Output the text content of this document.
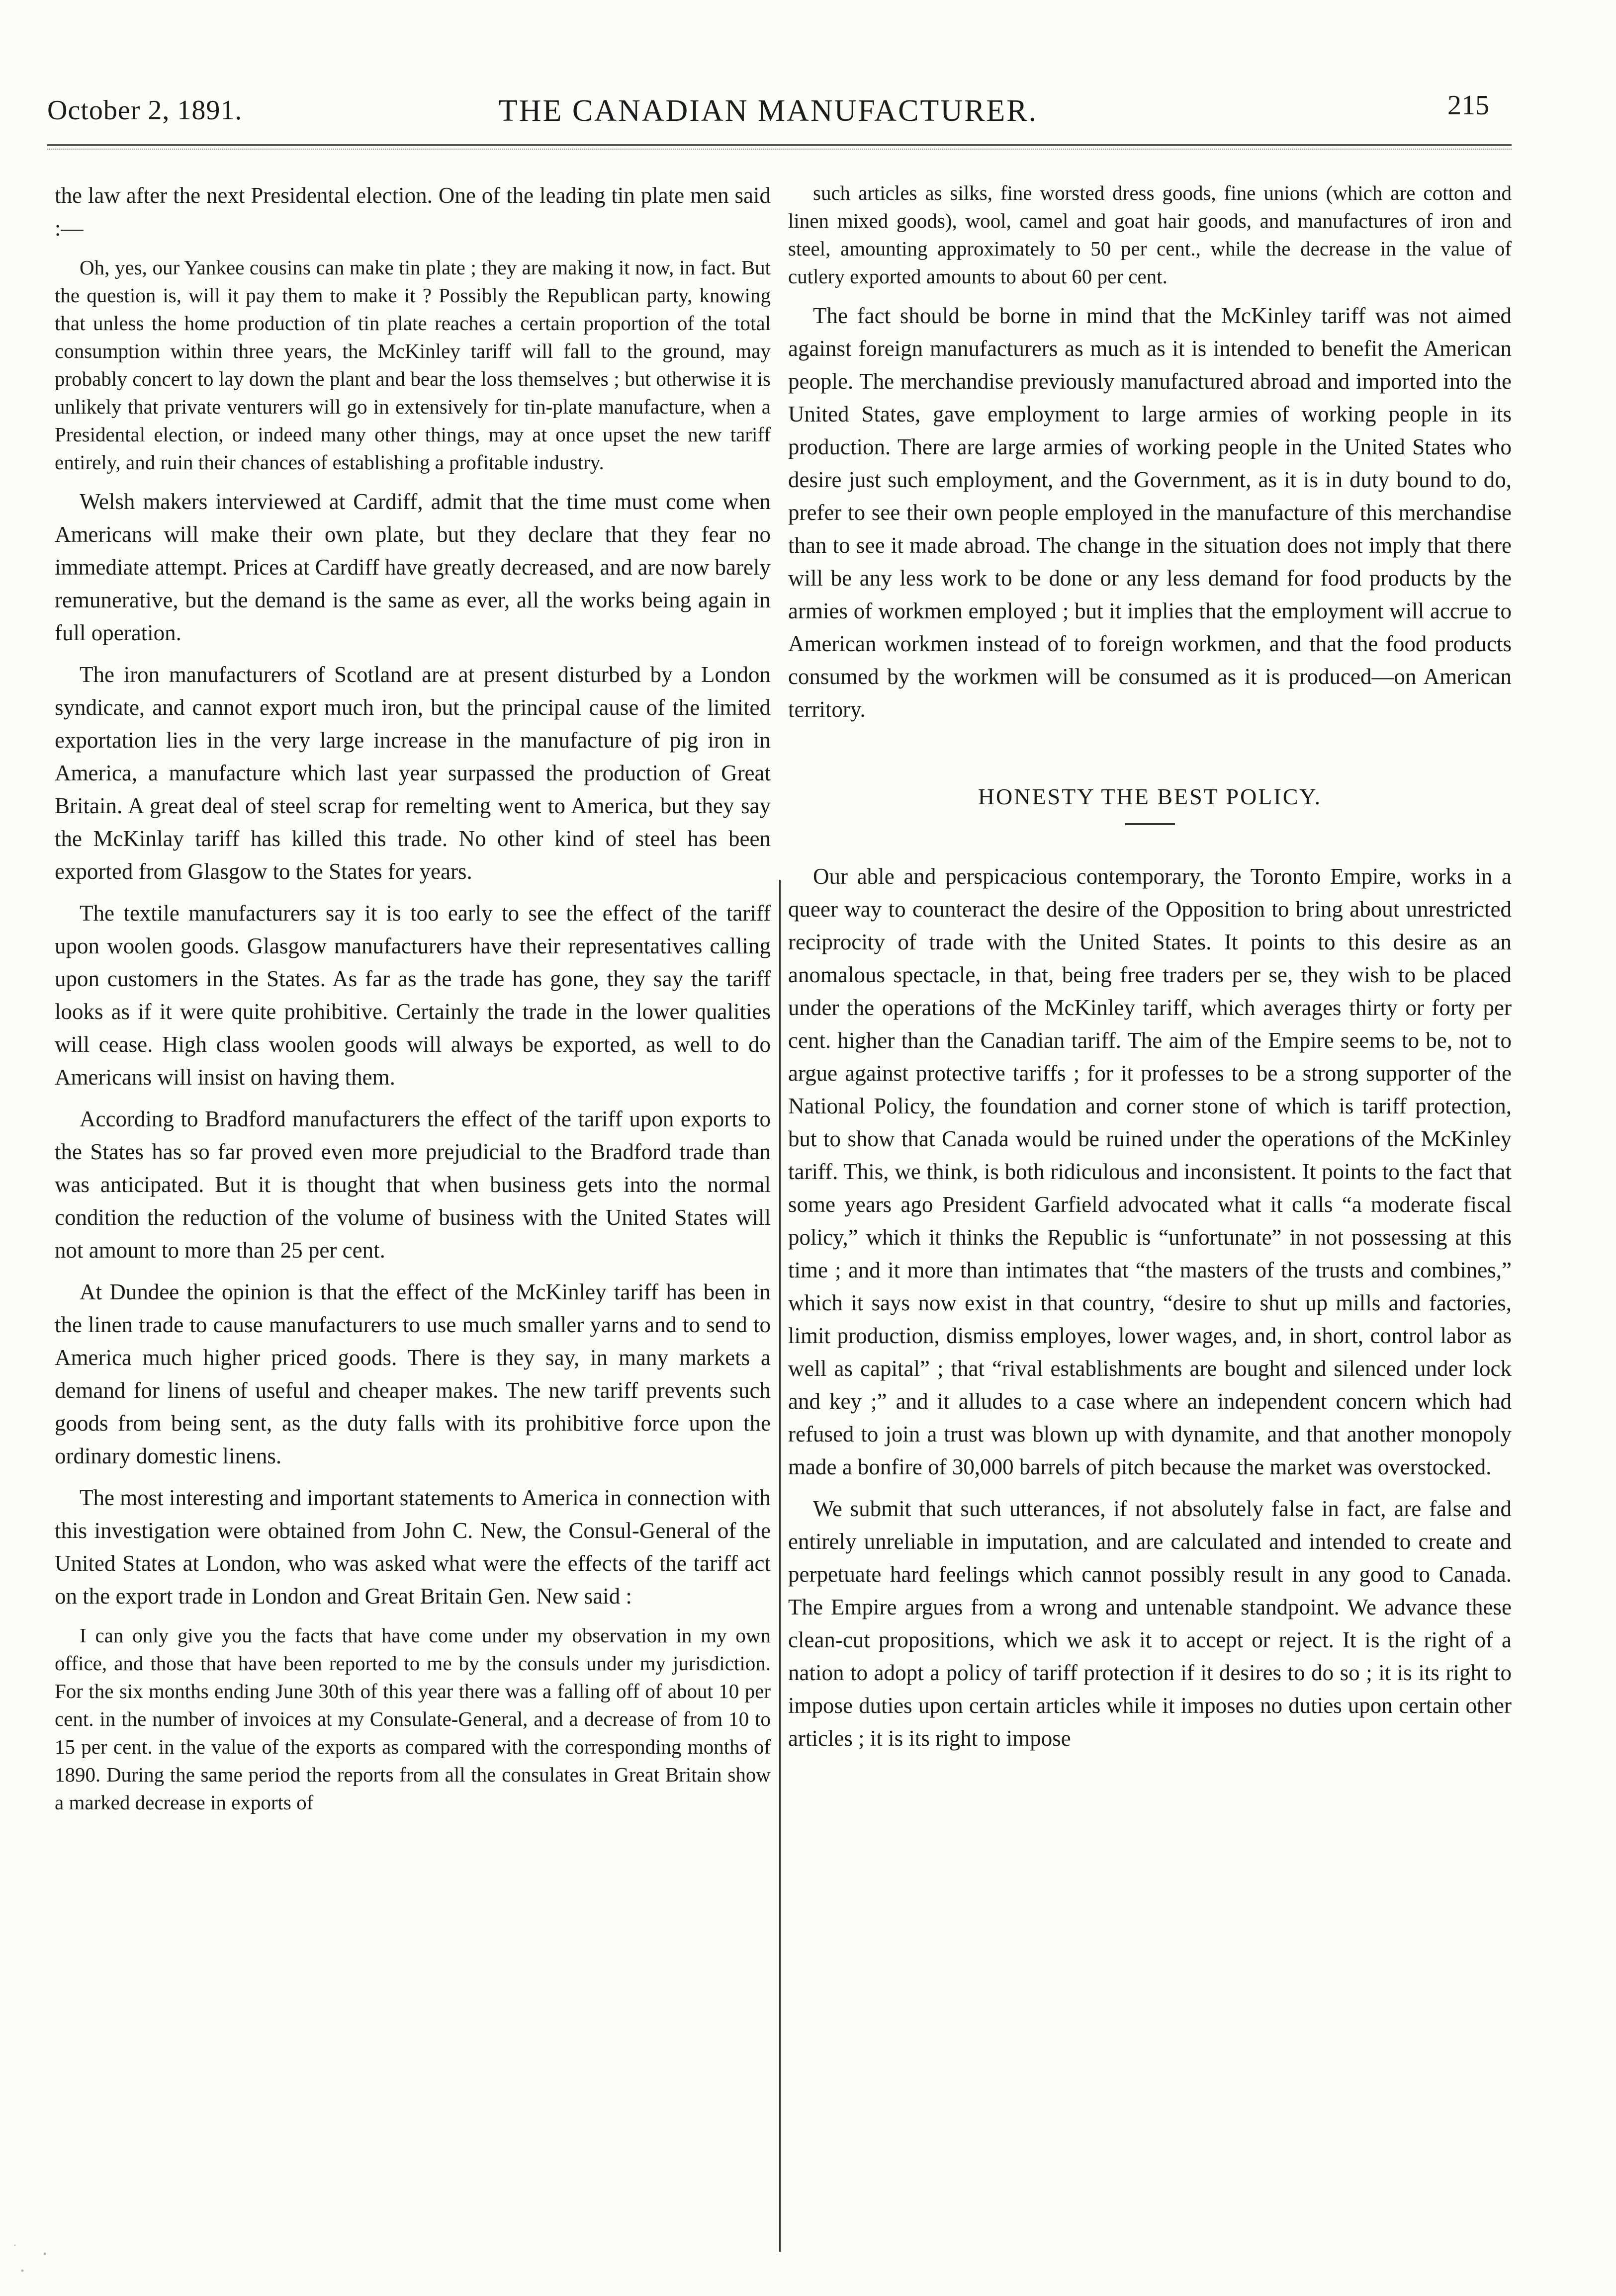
October 2, 1891.	THE CANADIAN MANUFACTURER.	215

the law after the next Presidental election. One of the leading tin plate men said :—

Oh, yes, our Yankee cousins can make tin plate ; they are making it now, in fact. But the question is, will it pay them to make it ? Possibly the Republican party, knowing that unless the home production of tin plate reaches a certain proportion of the total consumption within three years, the McKinley tariff will fall to the ground, may probably concert to lay down the plant and bear the loss themselves ; but otherwise it is unlikely that private venturers will go in extensively for tin-plate manufacture, when a Presidental election, or indeed many other things, may at once upset the new tariff entirely, and ruin their chances of establishing a profitable industry.

Welsh makers interviewed at Cardiff, admit that the time must come when Americans will make their own plate, but they declare that they fear no immediate attempt. Prices at Cardiff have greatly decreased, and are now barely remunerative, but the demand is the same as ever, all the works being again in full operation.

The iron manufacturers of Scotland are at present disturbed by a London syndicate, and cannot export much iron, but the principal cause of the limited exportation lies in the very large increase in the manufacture of pig iron in America, a manufacture which last year surpassed the production of Great Britain. A great deal of steel scrap for remelting went to America, but they say the McKinlay tariff has killed this trade. No other kind of steel has been exported from Glasgow to the States for years.

The textile manufacturers say it is too early to see the effect of the tariff upon woolen goods. Glasgow manufacturers have their representatives calling upon customers in the States. As far as the trade has gone, they say the tariff looks as if it were quite prohibitive. Certainly the trade in the lower qualities will cease. High class woolen goods will always be exported, as well to do Americans will insist on having them.

According to Bradford manufacturers the effect of the tariff upon exports to the States has so far proved even more prejudicial to the Bradford trade than was anticipated. But it is thought that when business gets into the normal condition the reduction of the volume of business with the United States will not amount to more than 25 per cent.

At Dundee the opinion is that the effect of the McKinley tariff has been in the linen trade to cause manufacturers to use much smaller yarns and to send to America much higher priced goods. There is they say, in many markets a demand for linens of useful and cheaper makes. The new tariff prevents such goods from being sent, as the duty falls with its prohibitive force upon the ordinary domestic linens.

The most interesting and important statements to America in connection with this investigation were obtained from John C. New, the Consul-General of the United States at London, who was asked what were the effects of the tariff act on the export trade in London and Great Britain Gen. New said :

I can only give you the facts that have come under my observation in my own office, and those that have been reported to me by the consuls under my jurisdiction. For the six months ending June 30th of this year there was a falling off of about 10 per cent. in the number of invoices at my Consulate-General, and a decrease of from 10 to 15 per cent. in the value of the exports as compared with the corresponding months of 1890. During the same period the reports from all the consulates in Great Britain show a marked decrease in exports of

such articles as silks, fine worsted dress goods, fine unions (which are cotton and linen mixed goods), wool, camel and goat hair goods, and manufactures of iron and steel, amounting approximately to 50 per cent., while the decrease in the value of cutlery exported amounts to about 60 per cent.

The fact should be borne in mind that the McKinley tariff was not aimed against foreign manufacturers as much as it is intended to benefit the American people. The merchandise previously manufactured abroad and imported into the United States, gave employment to large armies of working people in its production. There are large armies of working people in the United States who desire just such employment, and the Government, as it is in duty bound to do, prefer to see their own people employed in the manufacture of this merchandise than to see it made abroad. The change in the situation does not imply that there will be any less work to be done or any less demand for food products by the armies of workmen employed ; but it implies that the employment will accrue to American workmen instead of to foreign workmen, and that the food products consumed by the workmen will be consumed as it is produced—on American territory.

HONESTY THE BEST POLICY.

Our able and perspicacious contemporary, the Toronto Empire, works in a queer way to counteract the desire of the Opposition to bring about unrestricted reciprocity of trade with the United States. It points to this desire as an anomalous spectacle, in that, being free traders per se, they wish to be placed under the operations of the McKinley tariff, which averages thirty or forty per cent. higher than the Canadian tariff. The aim of the Empire seems to be, not to argue against protective tariffs ; for it professes to be a strong supporter of the National Policy, the foundation and corner stone of which is tariff protection, but to show that Canada would be ruined under the operations of the McKinley tariff. This, we think, is both ridiculous and inconsistent. It points to the fact that some years ago President Garfield advocated what it calls “a moderate fiscal policy,” which it thinks the Republic is “unfortunate” in not possessing at this time ; and it more than intimates that “the masters of the trusts and combines,” which it says now exist in that country, “desire to shut up mills and factories, limit production, dismiss employes, lower wages, and, in short, control labor as well as capital” ; that “rival establishments are bought and silenced under lock and key ;” and it alludes to a case where an independent concern which had refused to join a trust was blown up with dynamite, and that another monopoly made a bonfire of 30,000 barrels of pitch because the market was overstocked.

We submit that such utterances, if not absolutely false in fact, are false and entirely unreliable in imputation, and are calculated and intended to create and perpetuate hard feelings which cannot possibly result in any good to Canada. The Empire argues from a wrong and untenable standpoint. We advance these clean-cut propositions, which we ask it to accept or reject. It is the right of a nation to adopt a policy of tariff protection if it desires to do so ; it is its right to impose duties upon certain articles while it imposes no duties upon certain other articles ; it is its right to impose
